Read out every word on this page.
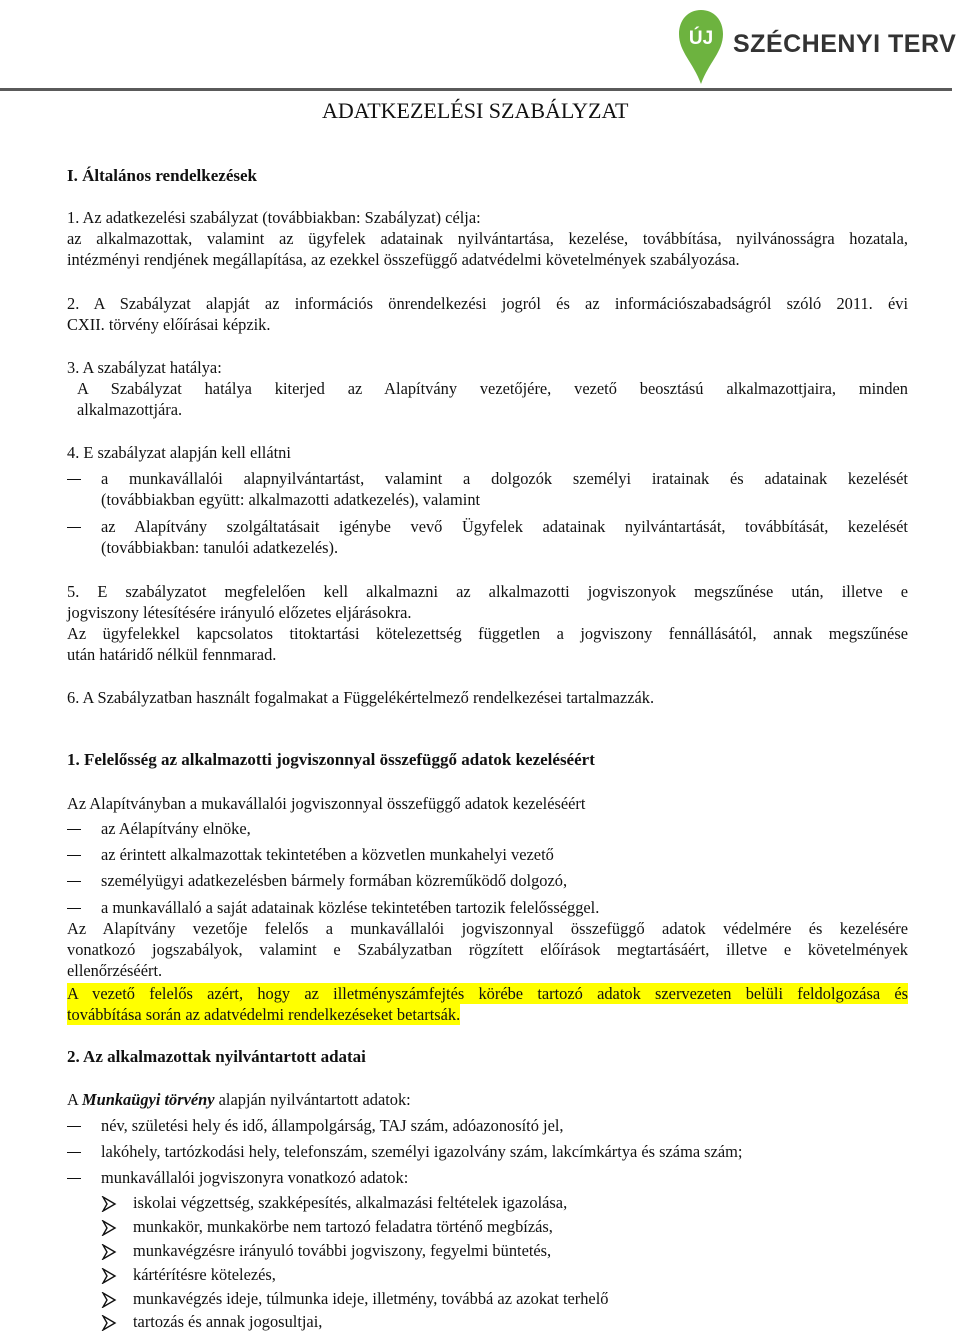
ÚJ SZÉCHENYI TERV
ADATKEZELÉSI SZABÁLYZAT
I. Általános rendelkezések
1. Az adatkezelési szabályzat (továbbiakban: Szabályzat) célja:
az alkalmazottak, valamint az ügyfelek adatainak nyilvántartása, kezelése, továbbítása, nyilvánosságra hozatala,
intézményi rendjének megállapítása, az ezekkel összefüggő adatvédelmi követelmények szabályozása.
2. A Szabályzat alapját az információs önrendelkezési jogról és az információszabadságról szóló 2011. évi
CXII. törvény előírásai képzik.
3. A szabályzat hatálya:
A Szabályzat hatálya kiterjed az Alapítvány vezetőjére, vezető beosztású alkalmazottjaira, minden
alkalmazottjára.
4. E szabályzat alapján kell ellátni
a munkavállalói alapnyilvántartást, valamint a dolgozók személyi iratainak és adatainak kezelését
(továbbiakban együtt: alkalmazotti adatkezelés), valamint
az Alapítvány szolgáltatásait igénybe vevő Ügyfelek adatainak nyilvántartását, továbbítását, kezelését
(továbbiakban: tanulói adatkezelés).
5. E szabályzatot megfelelően kell alkalmazni az alkalmazotti jogviszonyok megszűnése után, illetve e
jogviszony létesítésére irányuló előzetes eljárásokra.
Az ügyfelekkel kapcsolatos titoktartási kötelezettség független a jogviszony fennállásától, annak megszűnése
után határidő nélkül fennmarad.
6. A Szabályzatban használt fogalmakat a Függelékértelmező rendelkezései tartalmazzák.
1. Felelősség az alkalmazotti jogviszonnyal összefüggő adatok kezeléséért
Az Alapítványban a mukavállalói jogviszonnyal összefüggő adatok kezeléséért
az Aélapítvány elnöke,
az érintett alkalmazottak tekintetében a közvetlen munkahelyi vezető
személyügyi adatkezelésben bármely formában közreműködő dolgozó,
a munkavállaló a saját adatainak közlése tekintetében tartozik felelősséggel.
Az Alapítvány vezetője felelős a munkavállalói jogviszonnyal összefüggő adatok védelmére és kezelésére
vonatkozó jogszabályok, valamint e Szabályzatban rögzített előírások megtartásáért, illetve e követelmények
ellenőrzéséért.
A vezető felelős azért, hogy az illetményszámfejtés körébe tartozó adatok szervezeten belüli feldolgozása és
továbbítása során az adatvédelmi rendelkezéseket betartsák.
2. Az alkalmazottak nyilvántartott adatai
A Munkaügyi törvény alapján nyilvántartott adatok:
név, születési hely és idő, állampolgárság, TAJ szám, adóazonosító jel,
lakóhely, tartózkodási hely, telefonszám, személyi igazolvány szám, lakcímkártya és száma szám;
munkavállalói jogviszonyra vonatkozó adatok:
iskolai végzettség, szakképesítés, alkalmazási feltételek igazolása,
munkakör, munkakörbe nem tartozó feladatra történő megbízás,
munkavégzésre irányuló további jogviszony, fegyelmi büntetés,
kártérítésre kötelezés,
munkavégzés ideje, túlmunka ideje, illetmény, továbbá az azokat terhelő
tartozás és annak jogosultjai,
